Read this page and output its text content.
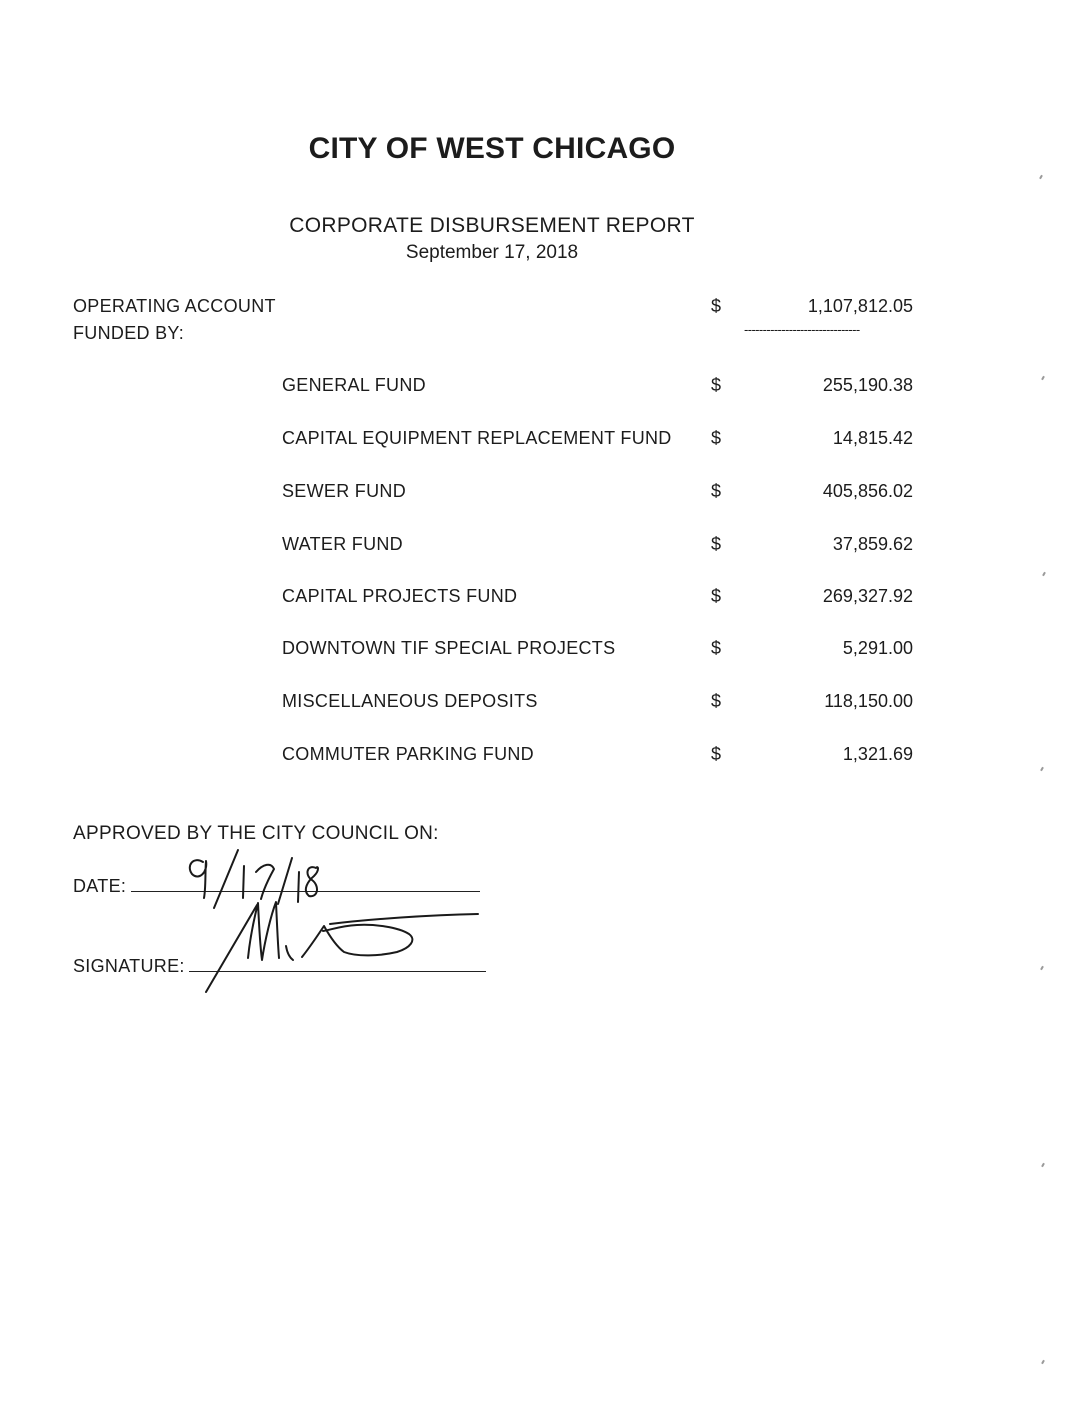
CITY OF WEST CHICAGO
CORPORATE DISBURSEMENT REPORT
September 17, 2018
OPERATING ACCOUNT
FUNDED BY:
$	1,107,812.05
-------------------------------
GENERAL FUND	$	255,190.38
CAPITAL EQUIPMENT REPLACEMENT FUND $	14,815.42
SEWER FUND	$	405,856.02
WATER FUND	$	37,859.62
CAPITAL PROJECTS FUND	$	269,327.92
DOWNTOWN TIF SPECIAL PROJECTS	$	5,291.00
MISCELLANEOUS DEPOSITS	$	118,150.00
COMMUTER PARKING FUND	$	1,321.69
APPROVED BY THE CITY COUNCIL ON:
DATE:
SIGNATURE:
